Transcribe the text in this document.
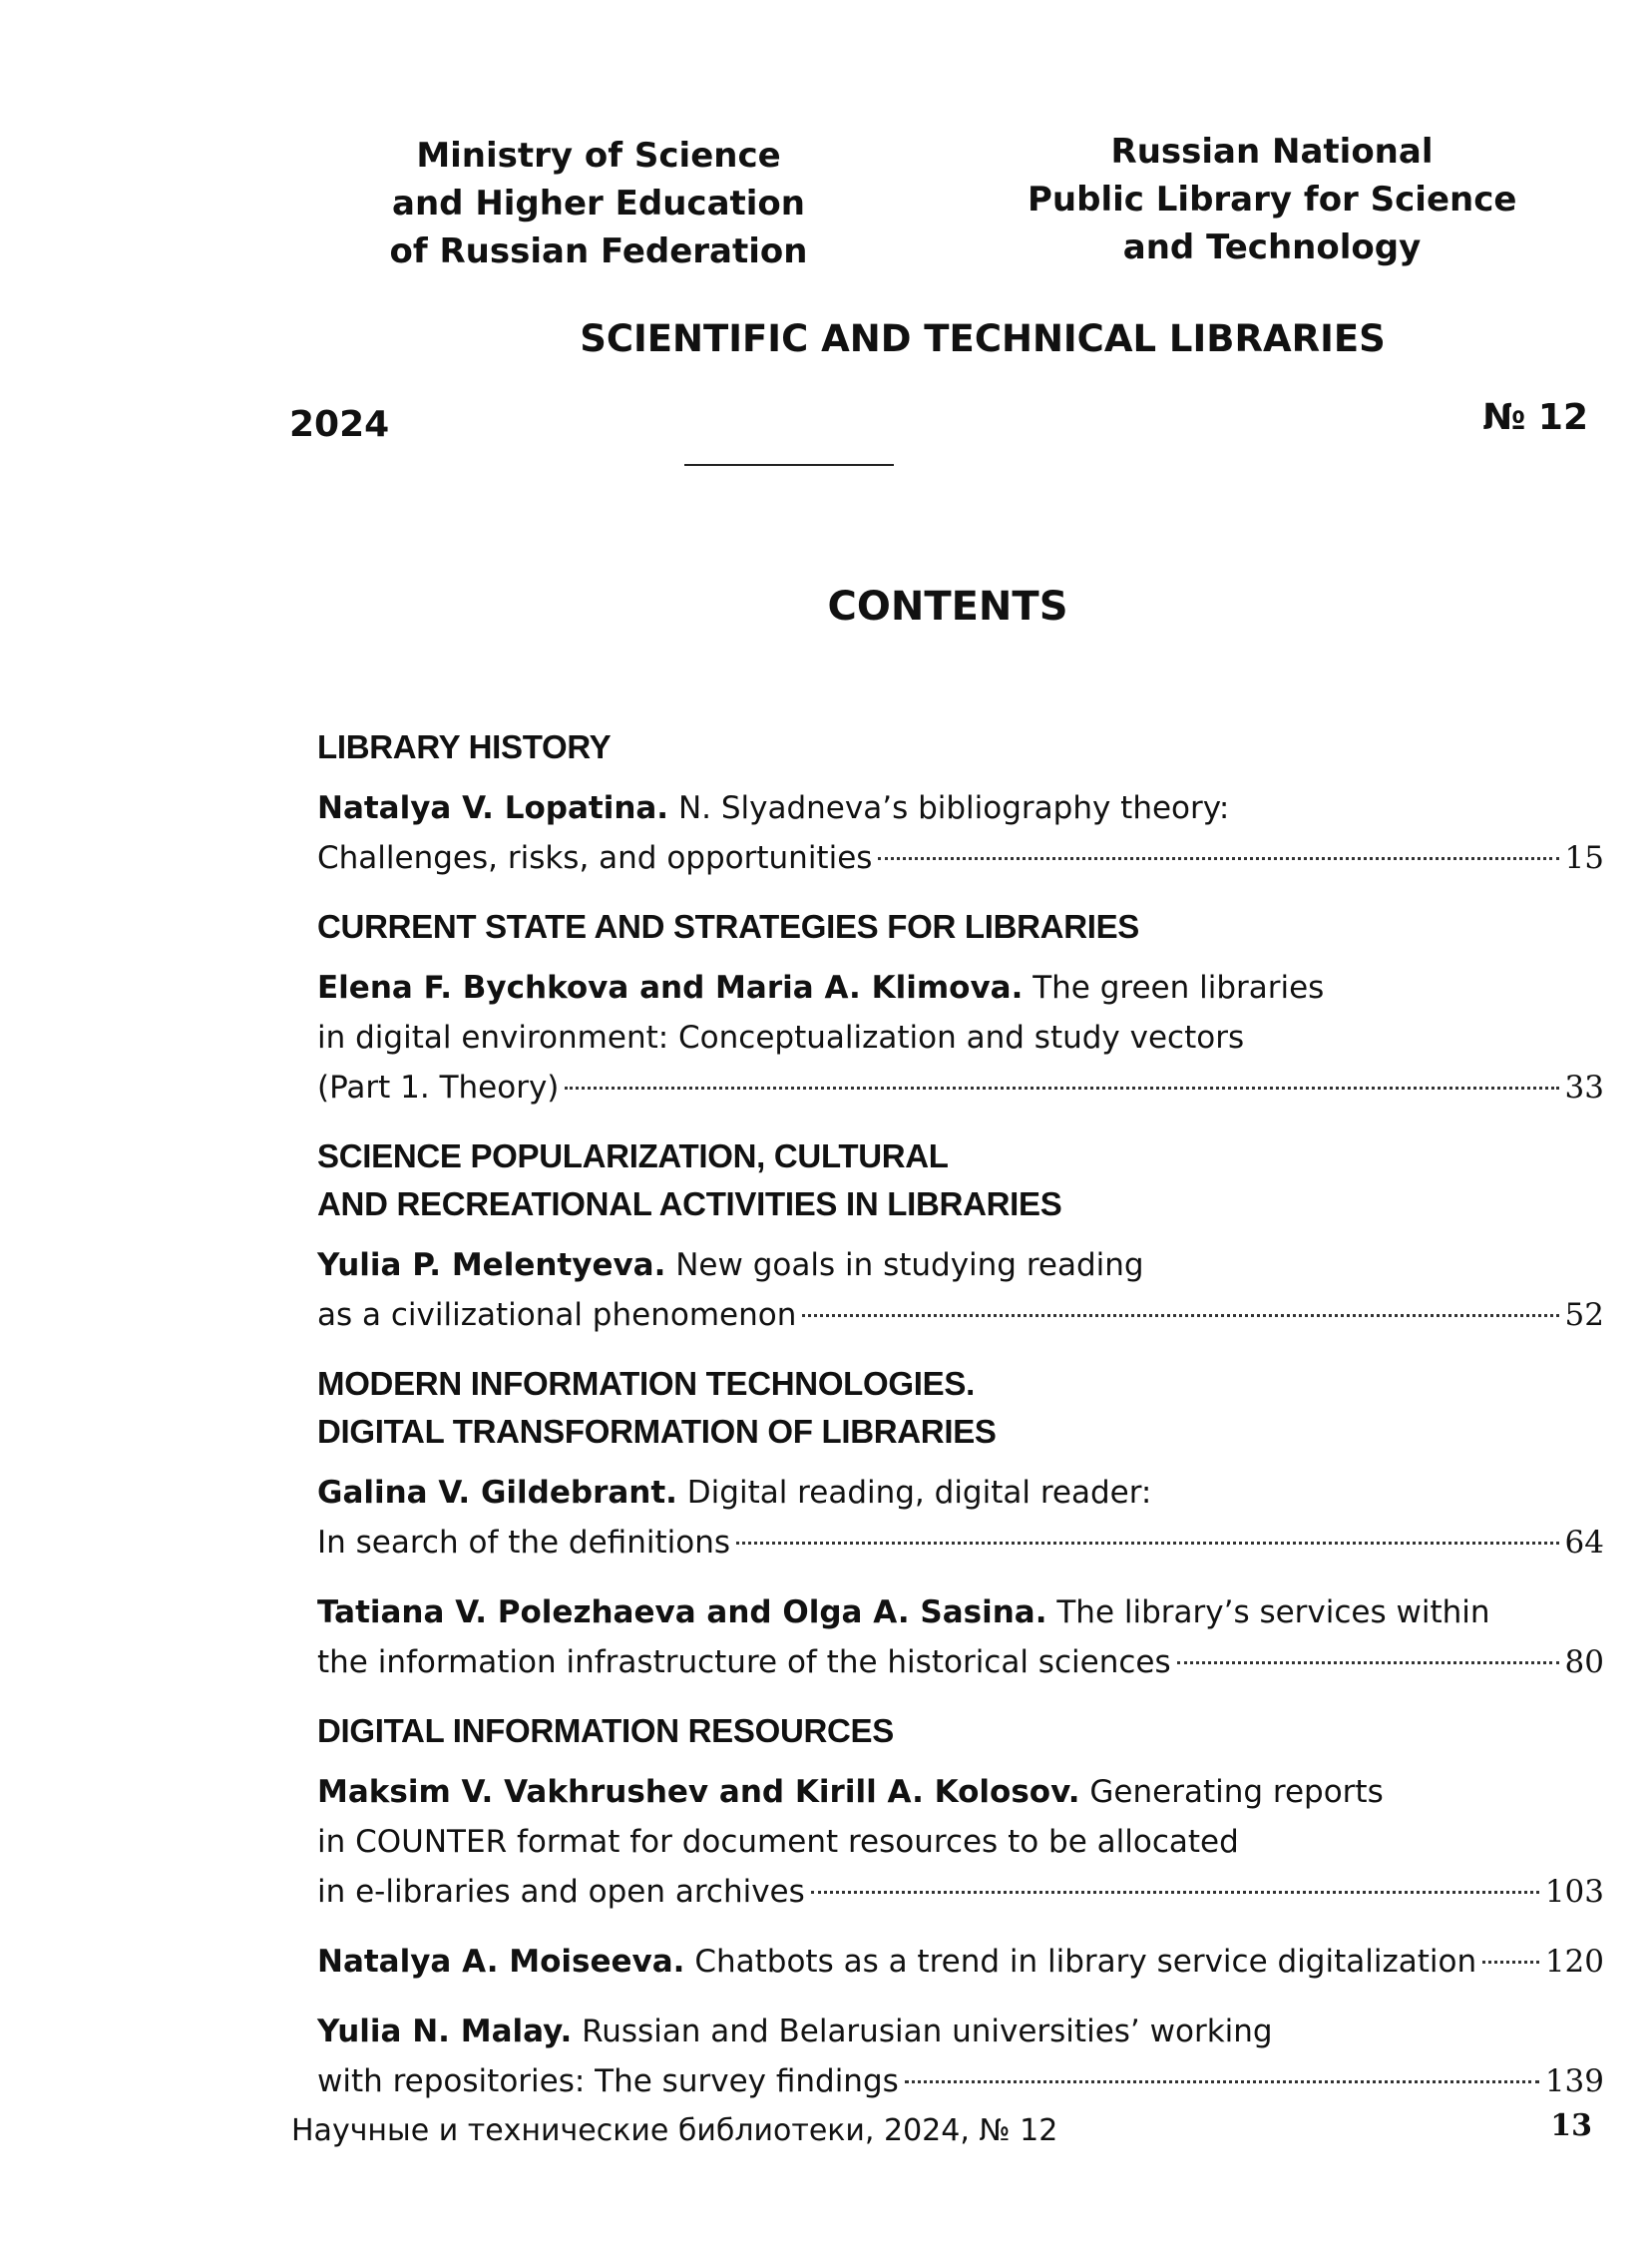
Ministry of Science
and Higher Education
of Russian Federation
Russian National
Public Library for Science
and Technology
SCIENTIFIC AND TECHNICAL LIBRARIES
2024	№ 12
CONTENTS
LIBRARY HISTORY
Natalya V. Lopatina. N. Slyadneva’s bibliography theory:
Challenges, risks, and opportunities	15
CURRENT STATE AND STRATEGIES FOR LIBRARIES
Elena F. Bychkova and Maria A. Klimova. The green libraries
in digital environment: Conceptualization and study vectors
(Part 1. Theory)	33
SCIENCE POPULARIZATION, CULTURAL
AND RECREATIONAL ACTIVITIES IN LIBRARIES
Yulia P. Melentyeva. New goals in studying reading
as a civilizational phenomenon	52
MODERN INFORMATION TECHNOLOGIES.
DIGITAL TRANSFORMATION OF LIBRARIES
Galina V. Gildebrant. Digital reading, digital reader:
In search of the definitions	64
Tatiana V. Polezhaeva and Olga A. Sasina. The library’s services within
the information infrastructure of the historical sciences	80
DIGITAL INFORMATION RESOURCES
Maksim V. Vakhrushev and Kirill A. Kolosov. Generating reports
in COUNTER format for document resources to be allocated
in e-libraries and open archives	103
Natalya A. Moiseeva. Chatbots as a trend in library service digitalization 120
Yulia N. Malay. Russian and Belarusian universities’ working
with repositories: The survey findings	139
Научные и технические библиотеки, 2024, № 12	13
